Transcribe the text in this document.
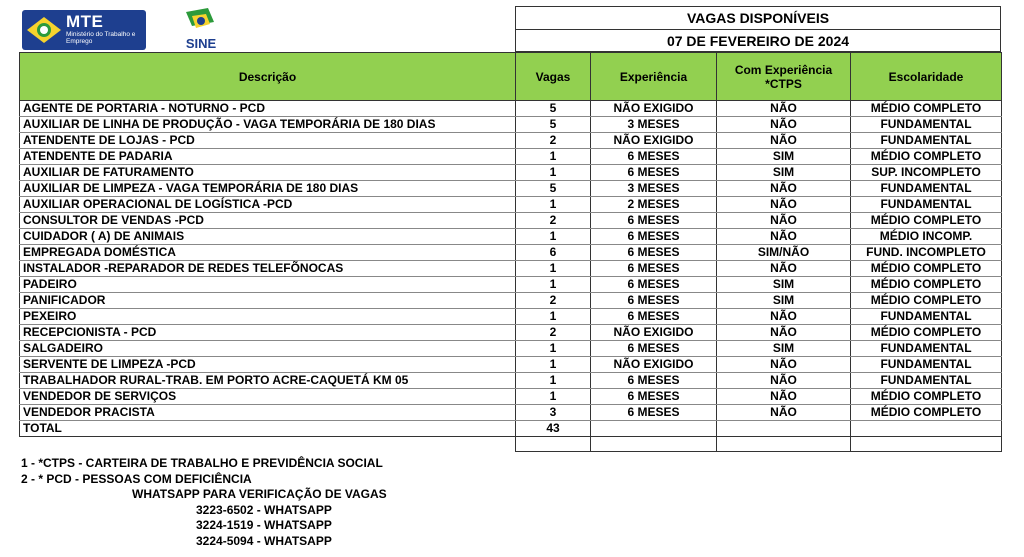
MTE
Ministério do Trabalho e Emprego	SINE
VAGAS DISPONÍVEIS
07 DE FEVEREIRO DE 2024
Descrição	Vagas	Experiência	Com Experiência *CTPS	Escolaridade
AGENTE DE PORTARIA - NOTURNO - PCD	5	NÃO EXIGIDO	NÃO	MÉDIO COMPLETO
AUXILIAR DE LINHA DE PRODUÇÃO - VAGA TEMPORÁRIA DE 180 DIAS	5	3 MESES	NÃO	FUNDAMENTAL
ATENDENTE DE LOJAS - PCD	2	NÃO EXIGIDO	NÃO	FUNDAMENTAL
ATENDENTE DE PADARIA	1	6 MESES	SIM	MÉDIO COMPLETO
AUXILIAR DE FATURAMENTO	1	6 MESES	SIM	SUP. INCOMPLETO
AUXILIAR DE LIMPEZA - VAGA TEMPORÁRIA DE 180 DIAS	5	3 MESES	NÃO	FUNDAMENTAL
AUXILIAR OPERACIONAL DE LOGÍSTICA -PCD	1	2 MESES	NÃO	FUNDAMENTAL
CONSULTOR DE VENDAS -PCD	2	6 MESES	NÃO	MÉDIO COMPLETO
CUIDADOR ( A) DE ANIMAIS	1	6 MESES	NÃO	MÉDIO INCOMP.
EMPREGADA DOMÉSTICA	6	6 MESES	SIM/NÃO	FUND. INCOMPLETO
INSTALADOR -REPARADOR DE REDES TELEFÕNOCAS	1	6 MESES	NÃO	MÉDIO COMPLETO
PADEIRO	1	6 MESES	SIM	MÉDIO COMPLETO
PANIFICADOR	2	6 MESES	SIM	MÉDIO COMPLETO
PEXEIRO	1	6 MESES	NÃO	FUNDAMENTAL
RECEPCIONISTA - PCD	2	NÃO EXIGIDO	NÃO	MÉDIO COMPLETO
SALGADEIRO	1	6 MESES	SIM	FUNDAMENTAL
SERVENTE DE LIMPEZA -PCD	1	NÃO EXIGIDO	NÃO	FUNDAMENTAL
TRABALHADOR RURAL-TRAB. EM PORTO ACRE-CAQUETÁ KM 05	1	6 MESES	NÃO	FUNDAMENTAL
VENDEDOR DE SERVIÇOS	1	6 MESES	NÃO	MÉDIO COMPLETO
VENDEDOR PRACISTA	3	6 MESES	NÃO	MÉDIO COMPLETO
TOTAL	43			

1 - *CTPS - CARTEIRA DE TRABALHO E PREVIDÊNCIA SOCIAL
2 - * PCD - PESSOAS COM DEFICIÊNCIA
WHATSAPP PARA VERIFICAÇÃO DE VAGAS
3223-6502 - WHATSAPP
3224-1519 - WHATSAPP
3224-5094 - WHATSAPP
